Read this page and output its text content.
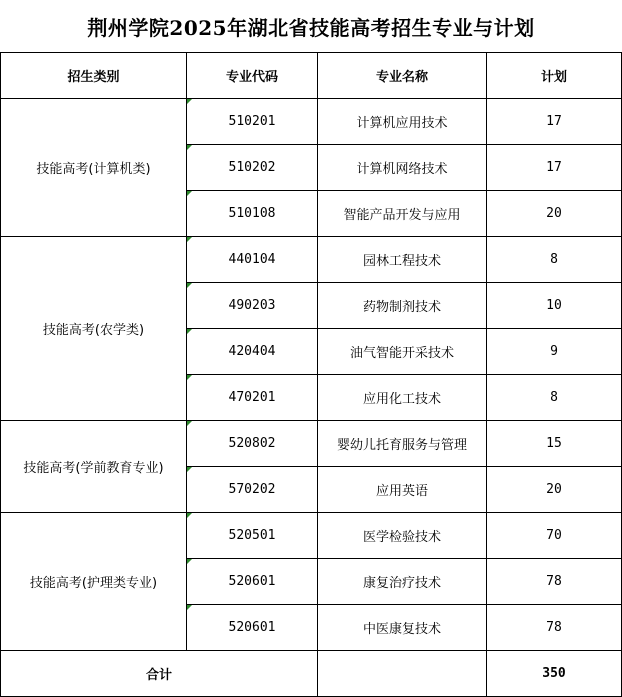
荆州学院2025年湖北省技能高考招生专业与计划
招生类别	专业代码	专业名称	计划
技能高考(计算机类)	510201	计算机应用技术	17
	510202	计算机网络技术	17
	510108	智能产品开发与应用	20
技能高考(农学类)	440104	园林工程技术	8
	490203	药物制剂技术	10
	420404	油气智能开采技术	9
	470201	应用化工技术	8
技能高考(学前教育专业)	520802	婴幼儿托育服务与管理	15
	570202	应用英语	20
技能高考(护理类专业)	520501	医学检验技术	70
	520601	康复治疗技术	78
	520601	中医康复技术	78
合计			350
